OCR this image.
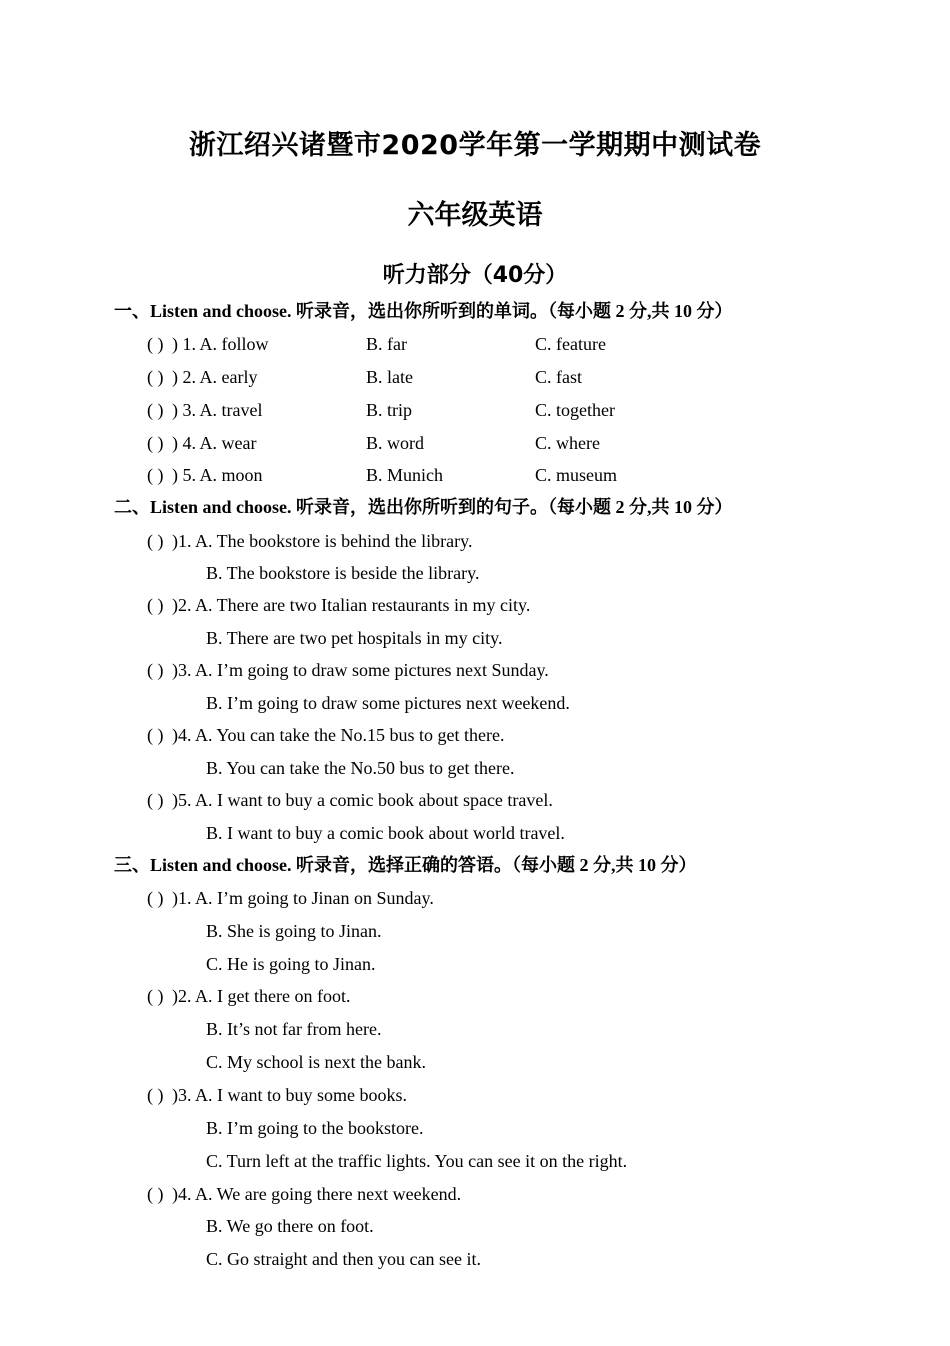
浙江绍兴诸暨市2020学年第一学期期中测试卷
六年级英语
听力部分（40分）
一、Listen and choose. 听录音，选出你所听到的单词。（每小题 2 分,共 10 分）
( ) ) 1. A. follow	B. far	C. feature
( ) ) 2. A. early	B. late	C. fast
( ) ) 3. A. travel	B. trip	C. together
( ) ) 4. A. wear	B. word	C. where
( ) ) 5. A. moon	B. Munich	C. museum
二、Listen and choose. 听录音，选出你所听到的句子。（每小题 2 分,共 10 分）
( ) )1. A. The bookstore is behind the library.
B. The bookstore is beside the library.
( ) )2. A. There are two Italian restaurants in my city.
B. There are two pet hospitals in my city.
( ) )3. A. I’m going to draw some pictures next Sunday.
B. I’m going to draw some pictures next weekend.
( ) )4. A. You can take the No.15 bus to get there.
B. You can take the No.50 bus to get there.
( ) )5. A. I want to buy a comic book about space travel.
B. I want to buy a comic book about world travel.
三、Listen and choose. 听录音，选择正确的答语。（每小题 2 分,共 10 分）
( ) )1. A. I’m going to Jinan on Sunday.
B. She is going to Jinan.
C. He is going to Jinan.
( ) )2. A. I get there on foot.
B. It’s not far from here.
C. My school is next the bank.
( ) )3. A. I want to buy some books.
B. I’m going to the bookstore.
C. Turn left at the traffic lights. You can see it on the right.
( ) )4. A. We are going there next weekend.
B. We go there on foot.
C. Go straight and then you can see it.
